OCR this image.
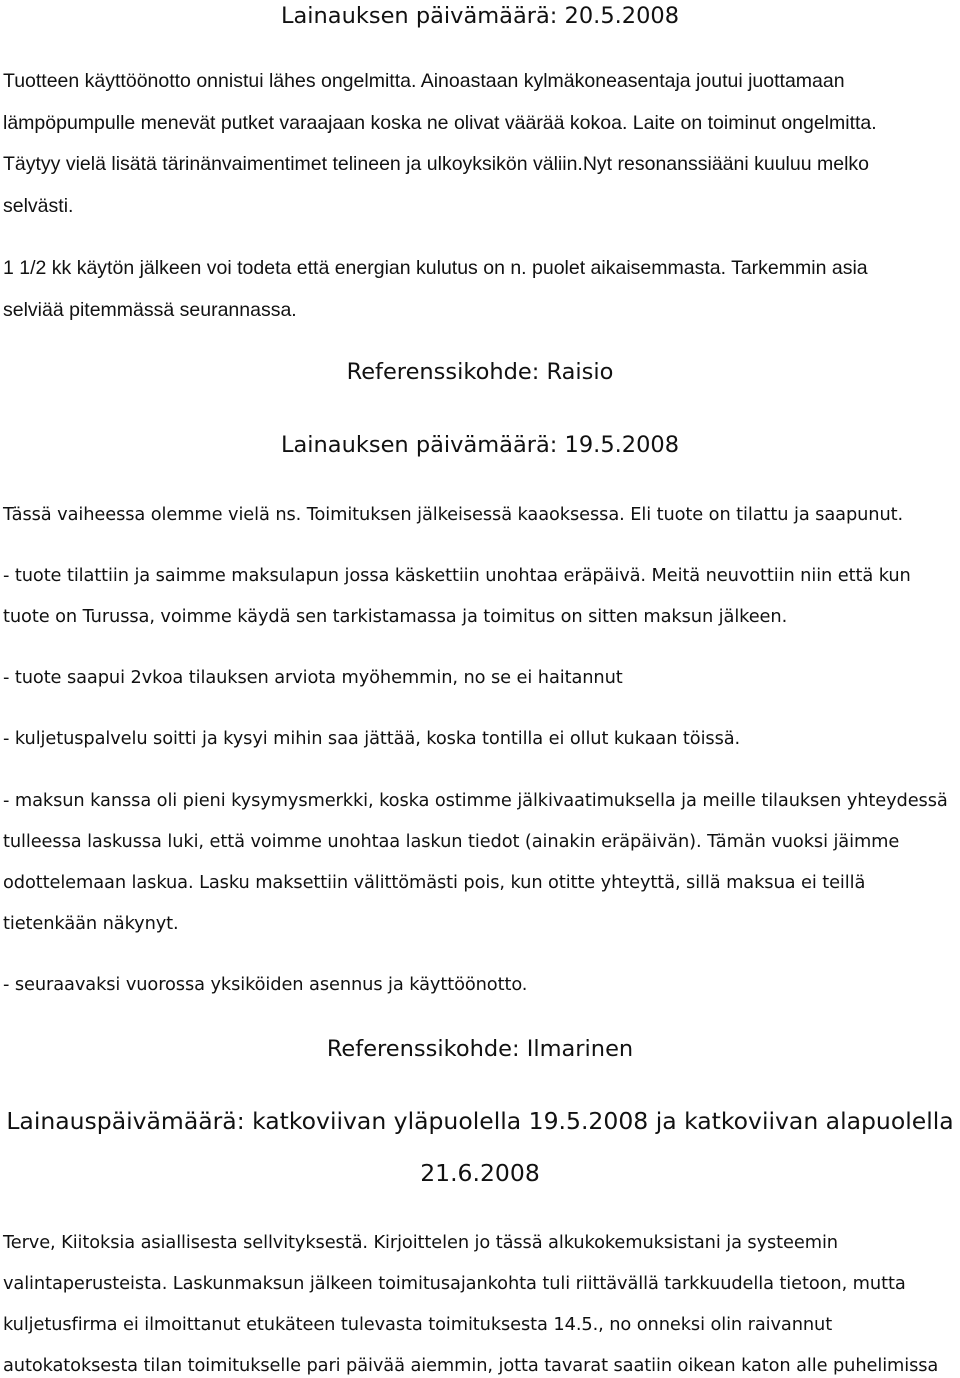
Lainauksen päivämäärä: 20.5.2008
Tuotteen käyttöönotto onnistui lähes ongelmitta. Ainoastaan kylmäkoneasentaja joutui juottamaan
lämpöpumpulle menevät putket varaajaan koska ne olivat väärää kokoa. Laite on toiminut ongelmitta.
Täytyy vielä lisätä tärinänvaimentimet telineen ja ulkoyksikön väliin.Nyt resonanssiääni kuuluu melko
selvästi.
1 1/2 kk käytön jälkeen voi todeta että energian kulutus on n. puolet aikaisemmasta. Tarkemmin asia
selviää pitemmässä seurannassa.
Referenssikohde: Raisio
Lainauksen päivämäärä: 19.5.2008
Tässä vaiheessa olemme vielä ns. Toimituksen jälkeisessä kaaoksessa. Eli tuote on tilattu ja saapunut.
- tuote tilattiin ja saimme maksulapun jossa käskettiin unohtaa eräpäivä. Meitä neuvottiin niin että kun
tuote on Turussa, voimme käydä sen tarkistamassa ja toimitus on sitten maksun jälkeen.
- tuote saapui 2vkoa tilauksen arviota myöhemmin, no se ei haitannut
- kuljetuspalvelu soitti ja kysyi mihin saa jättää, koska tontilla ei ollut kukaan töissä.
- maksun kanssa oli pieni kysymysmerkki, koska ostimme jälkivaatimuksella ja meille tilauksen yhteydessä
tulleessa laskussa luki, että voimme unohtaa laskun tiedot (ainakin eräpäivän). Tämän vuoksi jäimme
odottelemaan laskua. Lasku maksettiin välittömästi pois, kun otitte yhteyttä, sillä maksua ei teillä
tietenkään näkynyt.
- seuraavaksi vuorossa yksiköiden asennus ja käyttöönotto.
Referenssikohde: Ilmarinen
Lainauspäivämäärä: katkoviivan yläpuolella 19.5.2008 ja katkoviivan alapuolella
21.6.2008
Terve, Kiitoksia asiallisesta sellvityksestä. Kirjoittelen jo tässä alkukokemuksistani ja systeemin
valintaperusteista. Laskunmaksun jälkeen toimitusajankohta tuli riittävällä tarkkuudella tietoon, mutta
kuljetusfirma ei ilmoittanut etukäteen tulevasta toimituksesta 14.5., no onneksi olin raivannut
autokatoksesta tilan toimitukselle pari päivää aiemmin, jotta tavarat saatiin oikean katon alle puhelimissa
